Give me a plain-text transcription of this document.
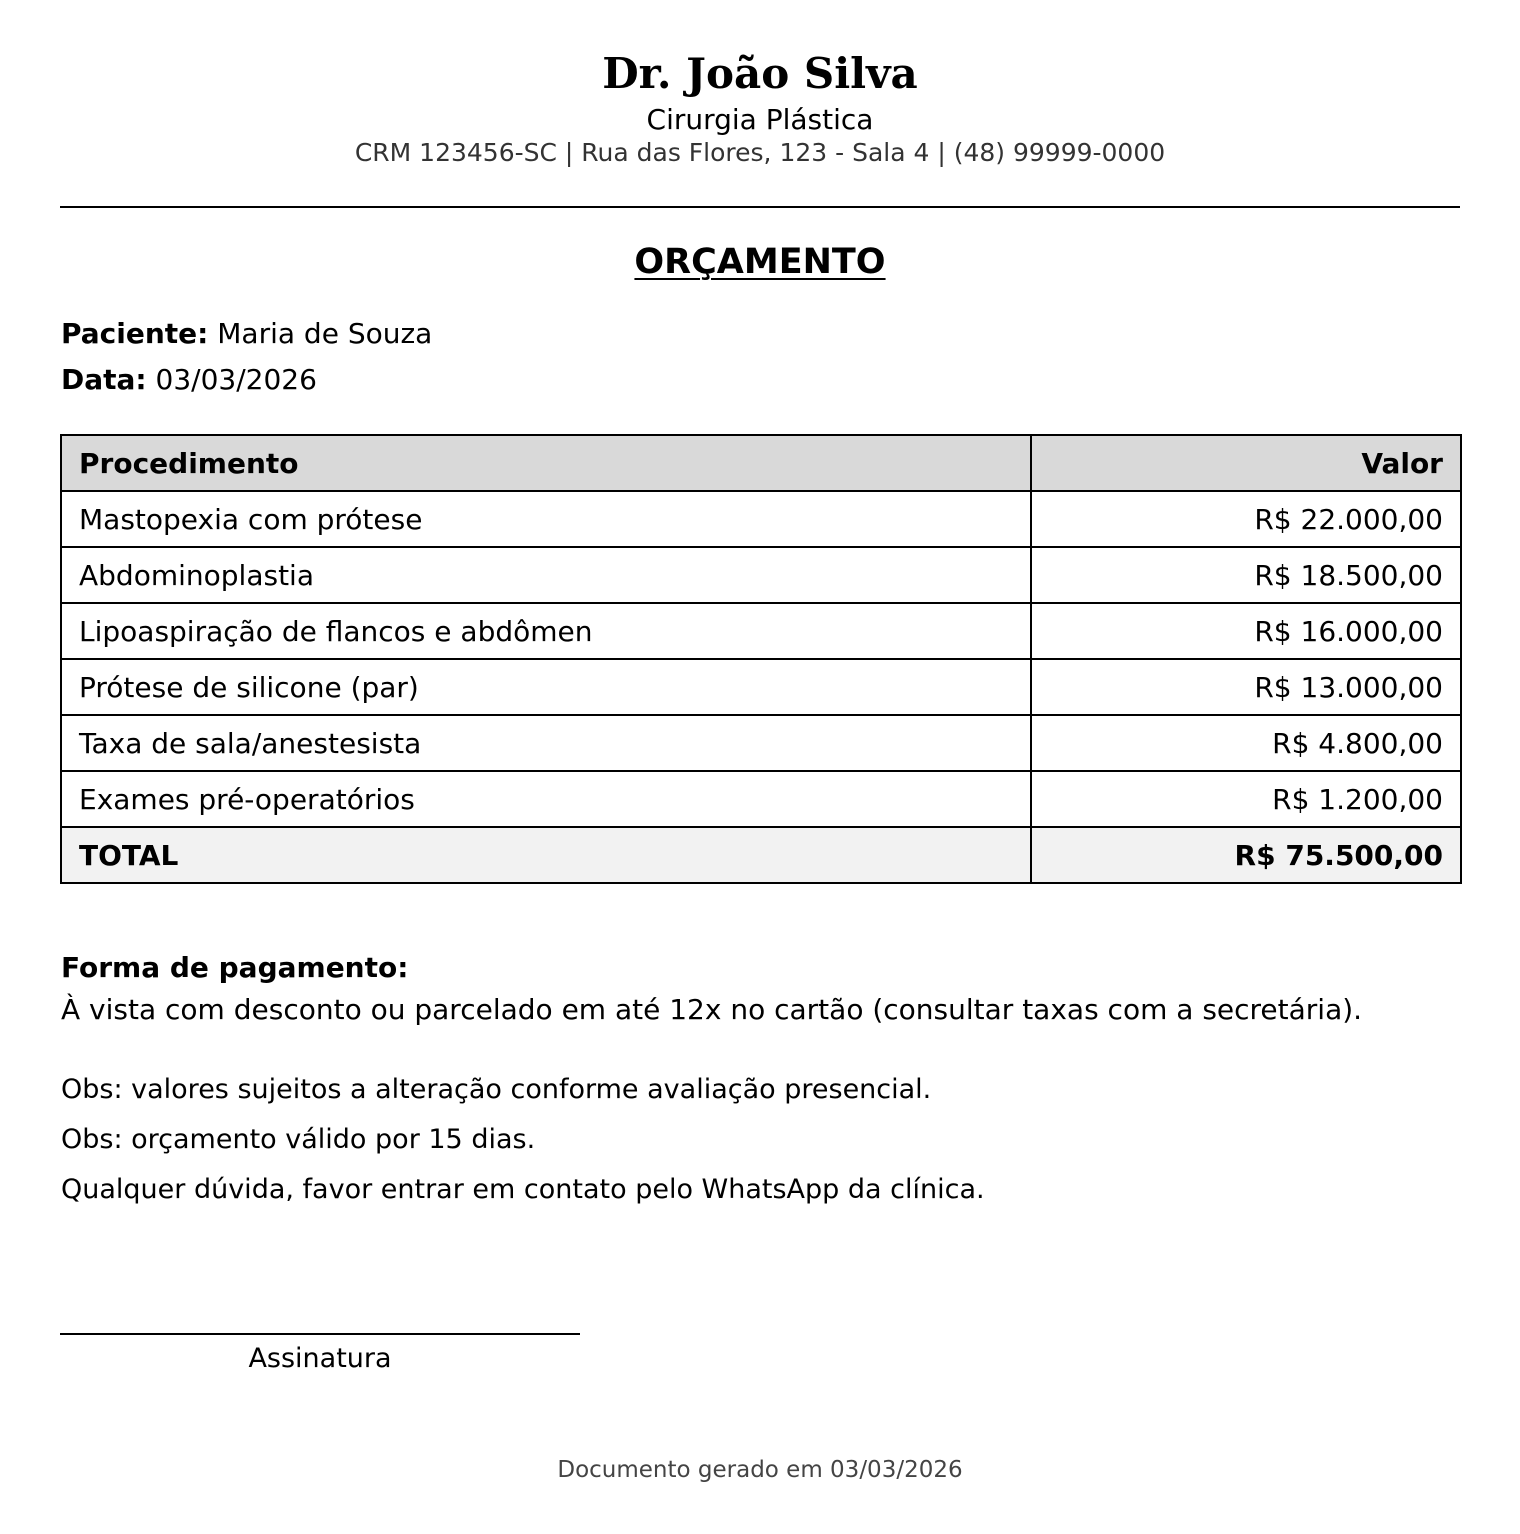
Dr. João Silva
Cirurgia Plástica
CRM 123456-SC | Rua das Flores, 123 - Sala 4 | (48) 99999-0000
ORÇAMENTO
Paciente: Maria de Souza
Data: 03/03/2026
Procedimento	Valor
Mastopexia com prótese	R$ 22.000,00
Abdominoplastia	R$ 18.500,00
Lipoaspiração de flancos e abdômen	R$ 16.000,00
Prótese de silicone (par)	R$ 13.000,00
Taxa de sala/anestesista	R$ 4.800,00
Exames pré-operatórios	R$ 1.200,00
TOTAL	R$ 75.500,00
Forma de pagamento:
À vista com desconto ou parcelado em até 12x no cartão (consultar taxas com a secretária).
Obs: valores sujeitos a alteração conforme avaliação presencial.
Obs: orçamento válido por 15 dias.
Qualquer dúvida, favor entrar em contato pelo WhatsApp da clínica.
Assinatura
Documento gerado em 03/03/2026
